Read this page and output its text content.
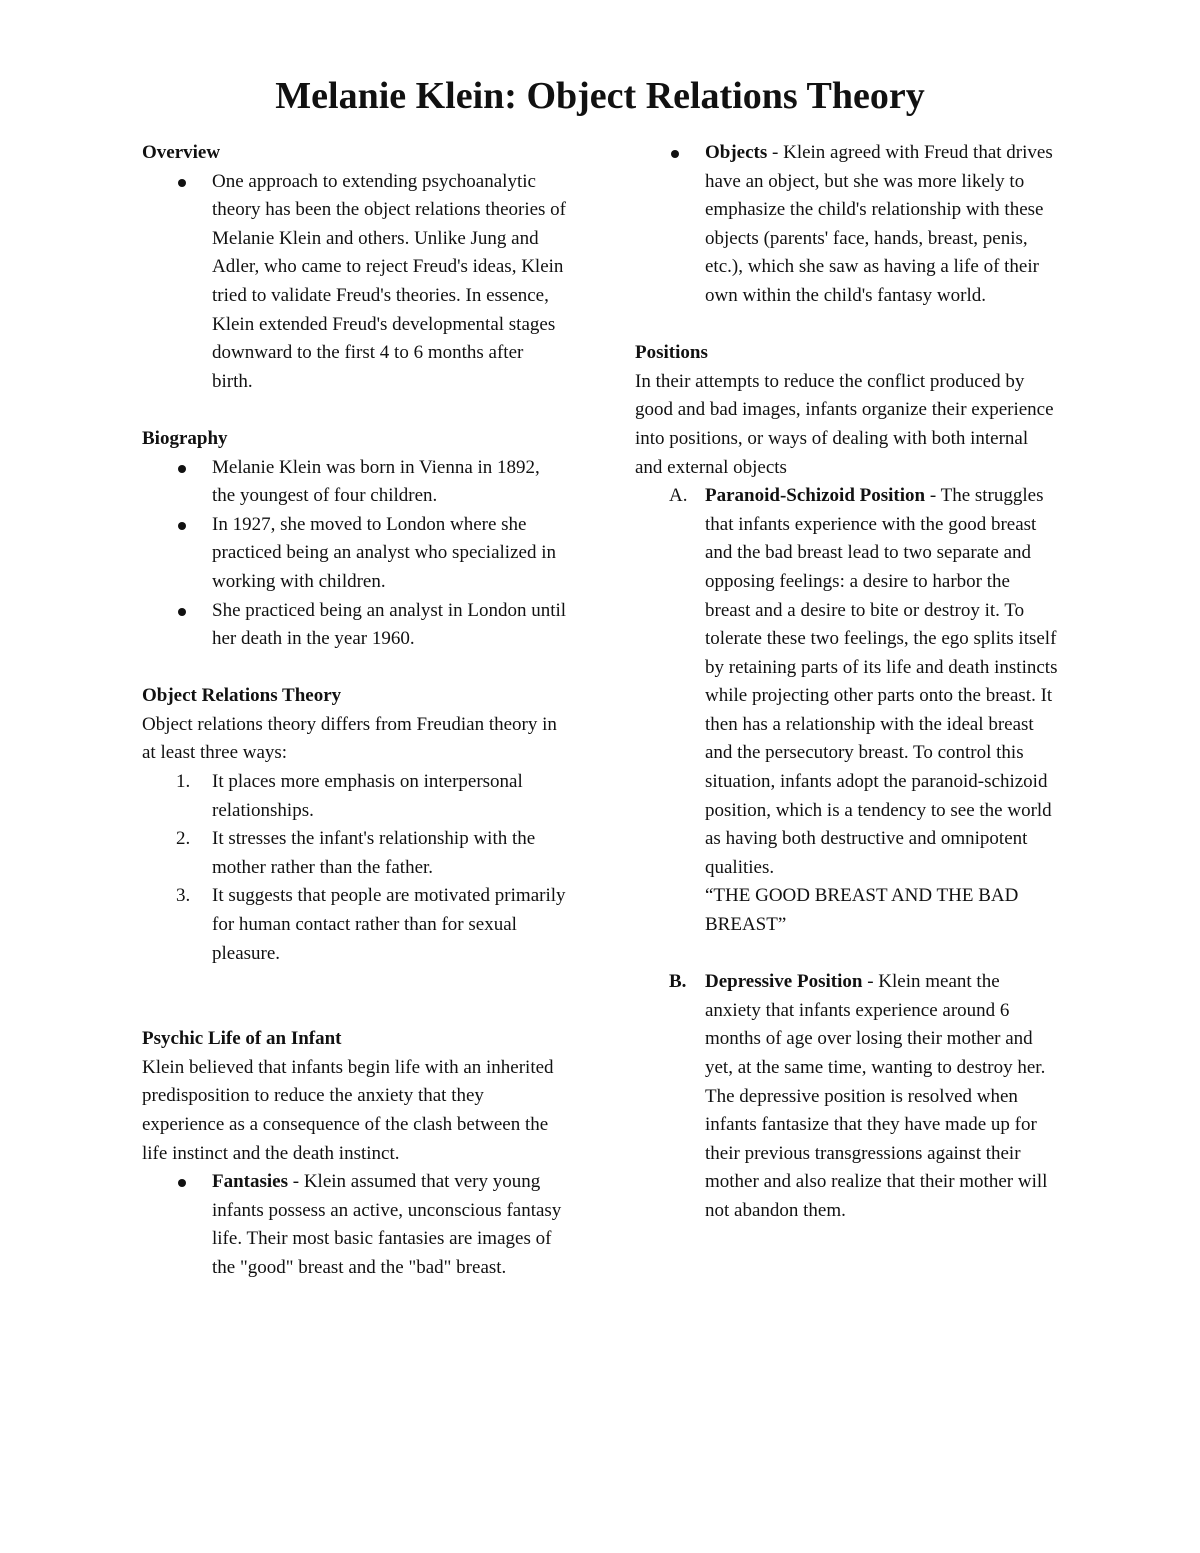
Melanie Klein: Object Relations Theory

Overview

One approach to extending psychoanalytic theory has been the object relations theories of Melanie Klein and others. Unlike Jung and Adler, who came to reject Freud's ideas, Klein tried to validate Freud's theories. In essence, Klein extended Freud's developmental stages downward to the first 4 to 6 months after birth.

Biography

Melanie Klein was born in Vienna in 1892, the youngest of four children.
In 1927, she moved to London where she practiced being an analyst who specialized in working with children.
She practiced being an analyst in London until her death in the year 1960.

Object Relations Theory

Object relations theory differs from Freudian theory in at least three ways:

1.	It places more emphasis on interpersonal relationships.
2.	It stresses the infant's relationship with the mother rather than the father.
3.	It suggests that people are motivated primarily for human contact rather than for sexual pleasure.

Psychic Life of an Infant

Klein believed that infants begin life with an inherited predisposition to reduce the anxiety that they experience as a consequence of the clash between the life instinct and the death instinct.

Fantasies - Klein assumed that very young infants possess an active, unconscious fantasy life. Their most basic fantasies are images of the "good" breast and the "bad" breast.
Objects - Klein agreed with Freud that drives have an object, but she was more likely to emphasize the child's relationship with these objects (parents' face, hands, breast, penis, etc.), which she saw as having a life of their own within the child's fantasy world.

Positions

In their attempts to reduce the conflict produced by good and bad images, infants organize their experience into positions, or ways of dealing with both internal and external objects

A. Paranoid-Schizoid Position - The struggles that infants experience with the good breast and the bad breast lead to two separate and opposing feelings: a desire to harbor the breast and a desire to bite or destroy it. To tolerate these two feelings, the ego splits itself by retaining parts of its life and death instincts while projecting other parts onto the breast. It then has a relationship with the ideal breast and the persecutory breast. To control this situation, infants adopt the paranoid-schizoid position, which is a tendency to see the world as having both destructive and omnipotent qualities.

“THE GOOD BREAST AND THE BAD BREAST”

B. Depressive Position - Klein meant the anxiety that infants experience around 6 months of age over losing their mother and yet, at the same time, wanting to destroy her. The depressive position is resolved when infants fantasize that they have made up for their previous transgressions against their mother and also realize that their mother will not abandon them.
